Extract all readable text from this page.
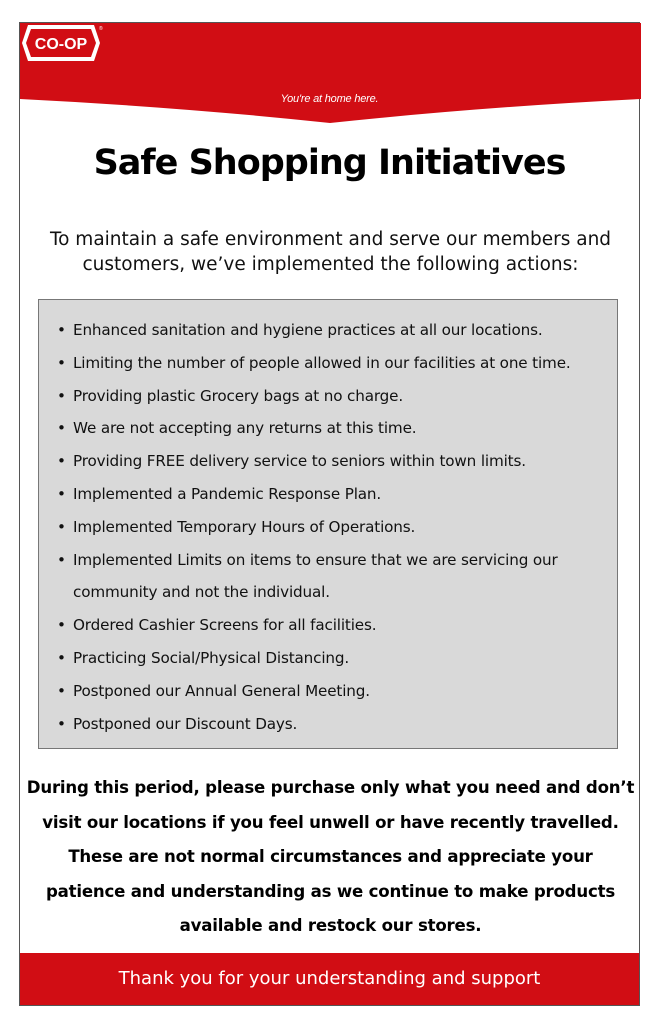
CO-OP
®
You're at home here.
Safe Shopping Initiatives
To maintain a safe environment and serve our members and customers, we’ve implemented the following actions:
• Enhanced sanitation and hygiene practices at all our locations.
• Limiting the number of people allowed in our facilities at one time.
• Providing plastic Grocery bags at no charge.
• We are not accepting any returns at this time.
• Providing FREE delivery service to seniors within town limits.
• Implemented a Pandemic Response Plan.
• Implemented Temporary Hours of Operations.
• Implemented Limits on items to ensure that we are servicing our community and not the individual.
• Ordered Cashier Screens for all facilities.
• Practicing Social/Physical Distancing.
• Postponed our Annual General Meeting.
• Postponed our Discount Days.
During this period, please purchase only what you need and don’t visit our locations if you feel unwell or have recently travelled. These are not normal circumstances and appreciate your patience and understanding as we continue to make products available and restock our stores.
Thank you for your understanding and support
